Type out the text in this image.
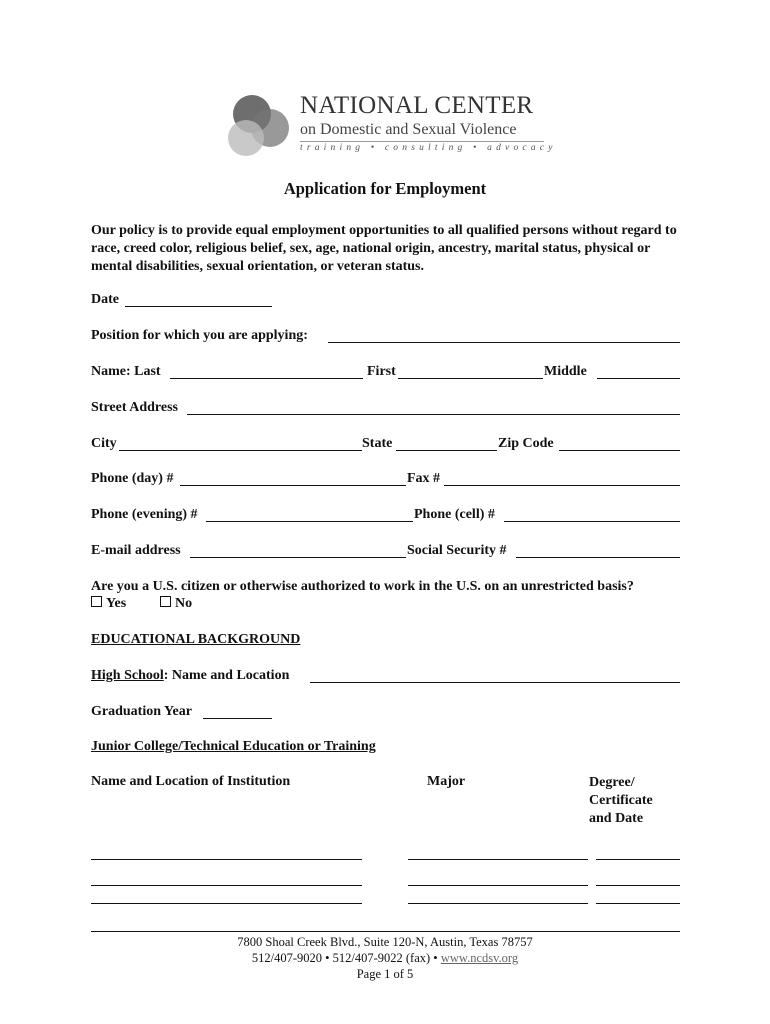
NATIONAL CENTER
on Domestic and Sexual Violence
training • consulting • advocacy
Application for Employment
Our policy is to provide equal employment opportunities to all qualified persons without regard to race, creed color, religious belief, sex, age, national origin, ancestry, marital status, physical or mental disabilities, sexual orientation, or veteran status.
Date
Position for which you are applying:
Name: Last	First	Middle
Street Address
City	State	Zip Code
Phone (day) #	Fax #
Phone (evening) #	Phone (cell) #
E-mail address	Social Security #
Are you a U.S. citizen or otherwise authorized to work in the U.S. on an unrestricted basis?
Yes	No
EDUCATIONAL BACKGROUND
High School: Name and Location
Graduation Year
Junior College/Technical Education or Training
Name and Location of Institution	Major	Degree/
Certificate
and Date
7800 Shoal Creek Blvd., Suite 120-N, Austin, Texas 78757
512/407-9020 • 512/407-9022 (fax) • www.ncdsv.org
Page 1 of 5
